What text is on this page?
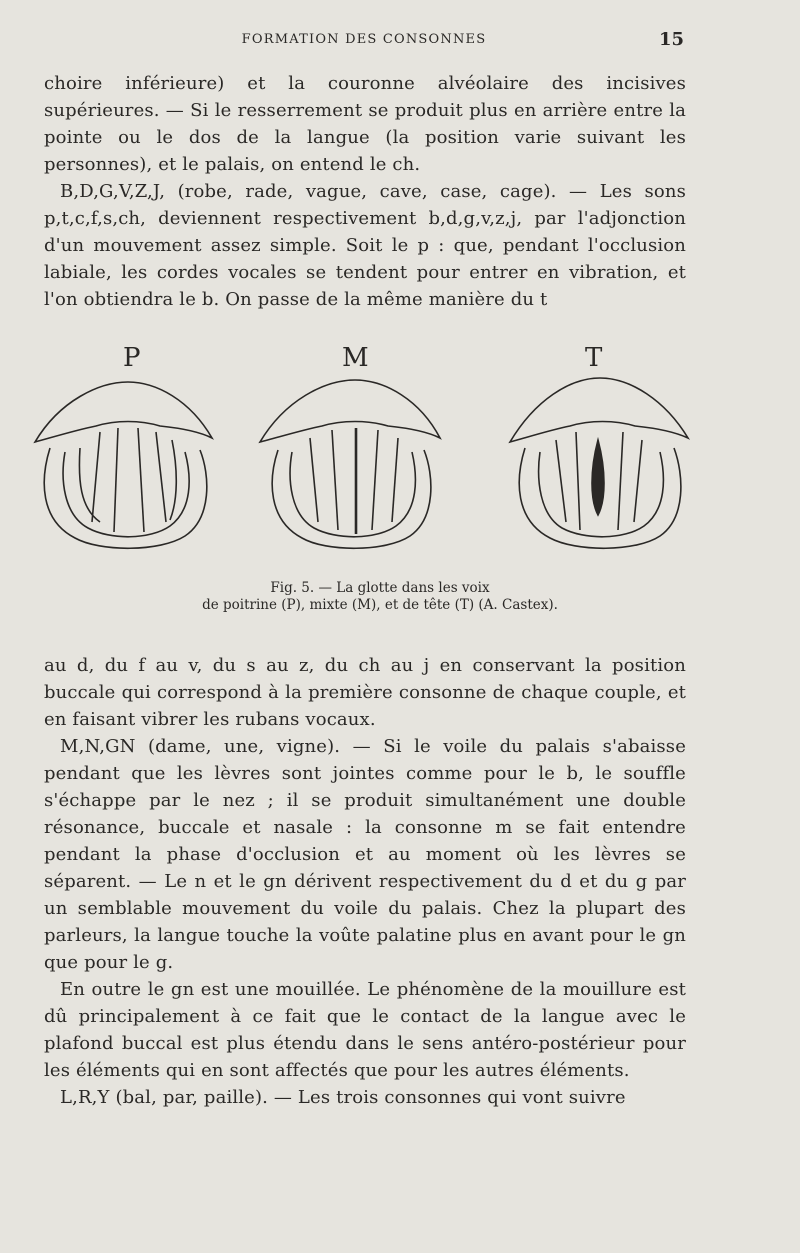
FORMATION DES CONSONNES	15

choire inférieure) et la couronne alvéolaire des incisives supérieures. — Si le resserrement se produit plus en arrière entre la pointe ou le dos de la langue (la position varie suivant les personnes), et le palais, on entend le ch.

B,D,G,V,Z,J, (robe, rade, vague, cave, case, cage). — Les sons p,t,c,f,s,ch, deviennent respectivement b,d,g,v,z,j, par l'adjonction d'un mouvement assez simple. Soit le p : que, pendant l'occlusion labiale, les cordes vocales se tendent pour entrer en vibration, et l'on obtiendra le b. On passe de la même manière du t

P	M	T

Fig. 5. — La glotte dans les voix

de poitrine (P), mixte (M), et de tête (T) (A. Castex).

au d, du f au v, du s au z, du ch au j en conservant la position buccale qui correspond à la première consonne de chaque couple, et en faisant vibrer les rubans vocaux.

M,N,GN (dame, une, vigne). — Si le voile du palais s'abaisse pendant que les lèvres sont jointes comme pour le b, le souffle s'échappe par le nez ; il se produit simultanément une double résonance, buccale et nasale : la consonne m se fait entendre pendant la phase d'occlusion et au moment où les lèvres se séparent. — Le n et le gn dérivent respectivement du d et du g par un semblable mouvement du voile du palais. Chez la plupart des parleurs, la langue touche la voûte palatine plus en avant pour le gn que pour le g.

En outre le gn est une mouillée. Le phénomène de la mouillure est dû principalement à ce fait que le contact de la langue avec le plafond buccal est plus étendu dans le sens antéro-postérieur pour les éléments qui en sont affectés que pour les autres éléments.

L,R,Y (bal, par, paille). — Les trois consonnes qui vont suivre
